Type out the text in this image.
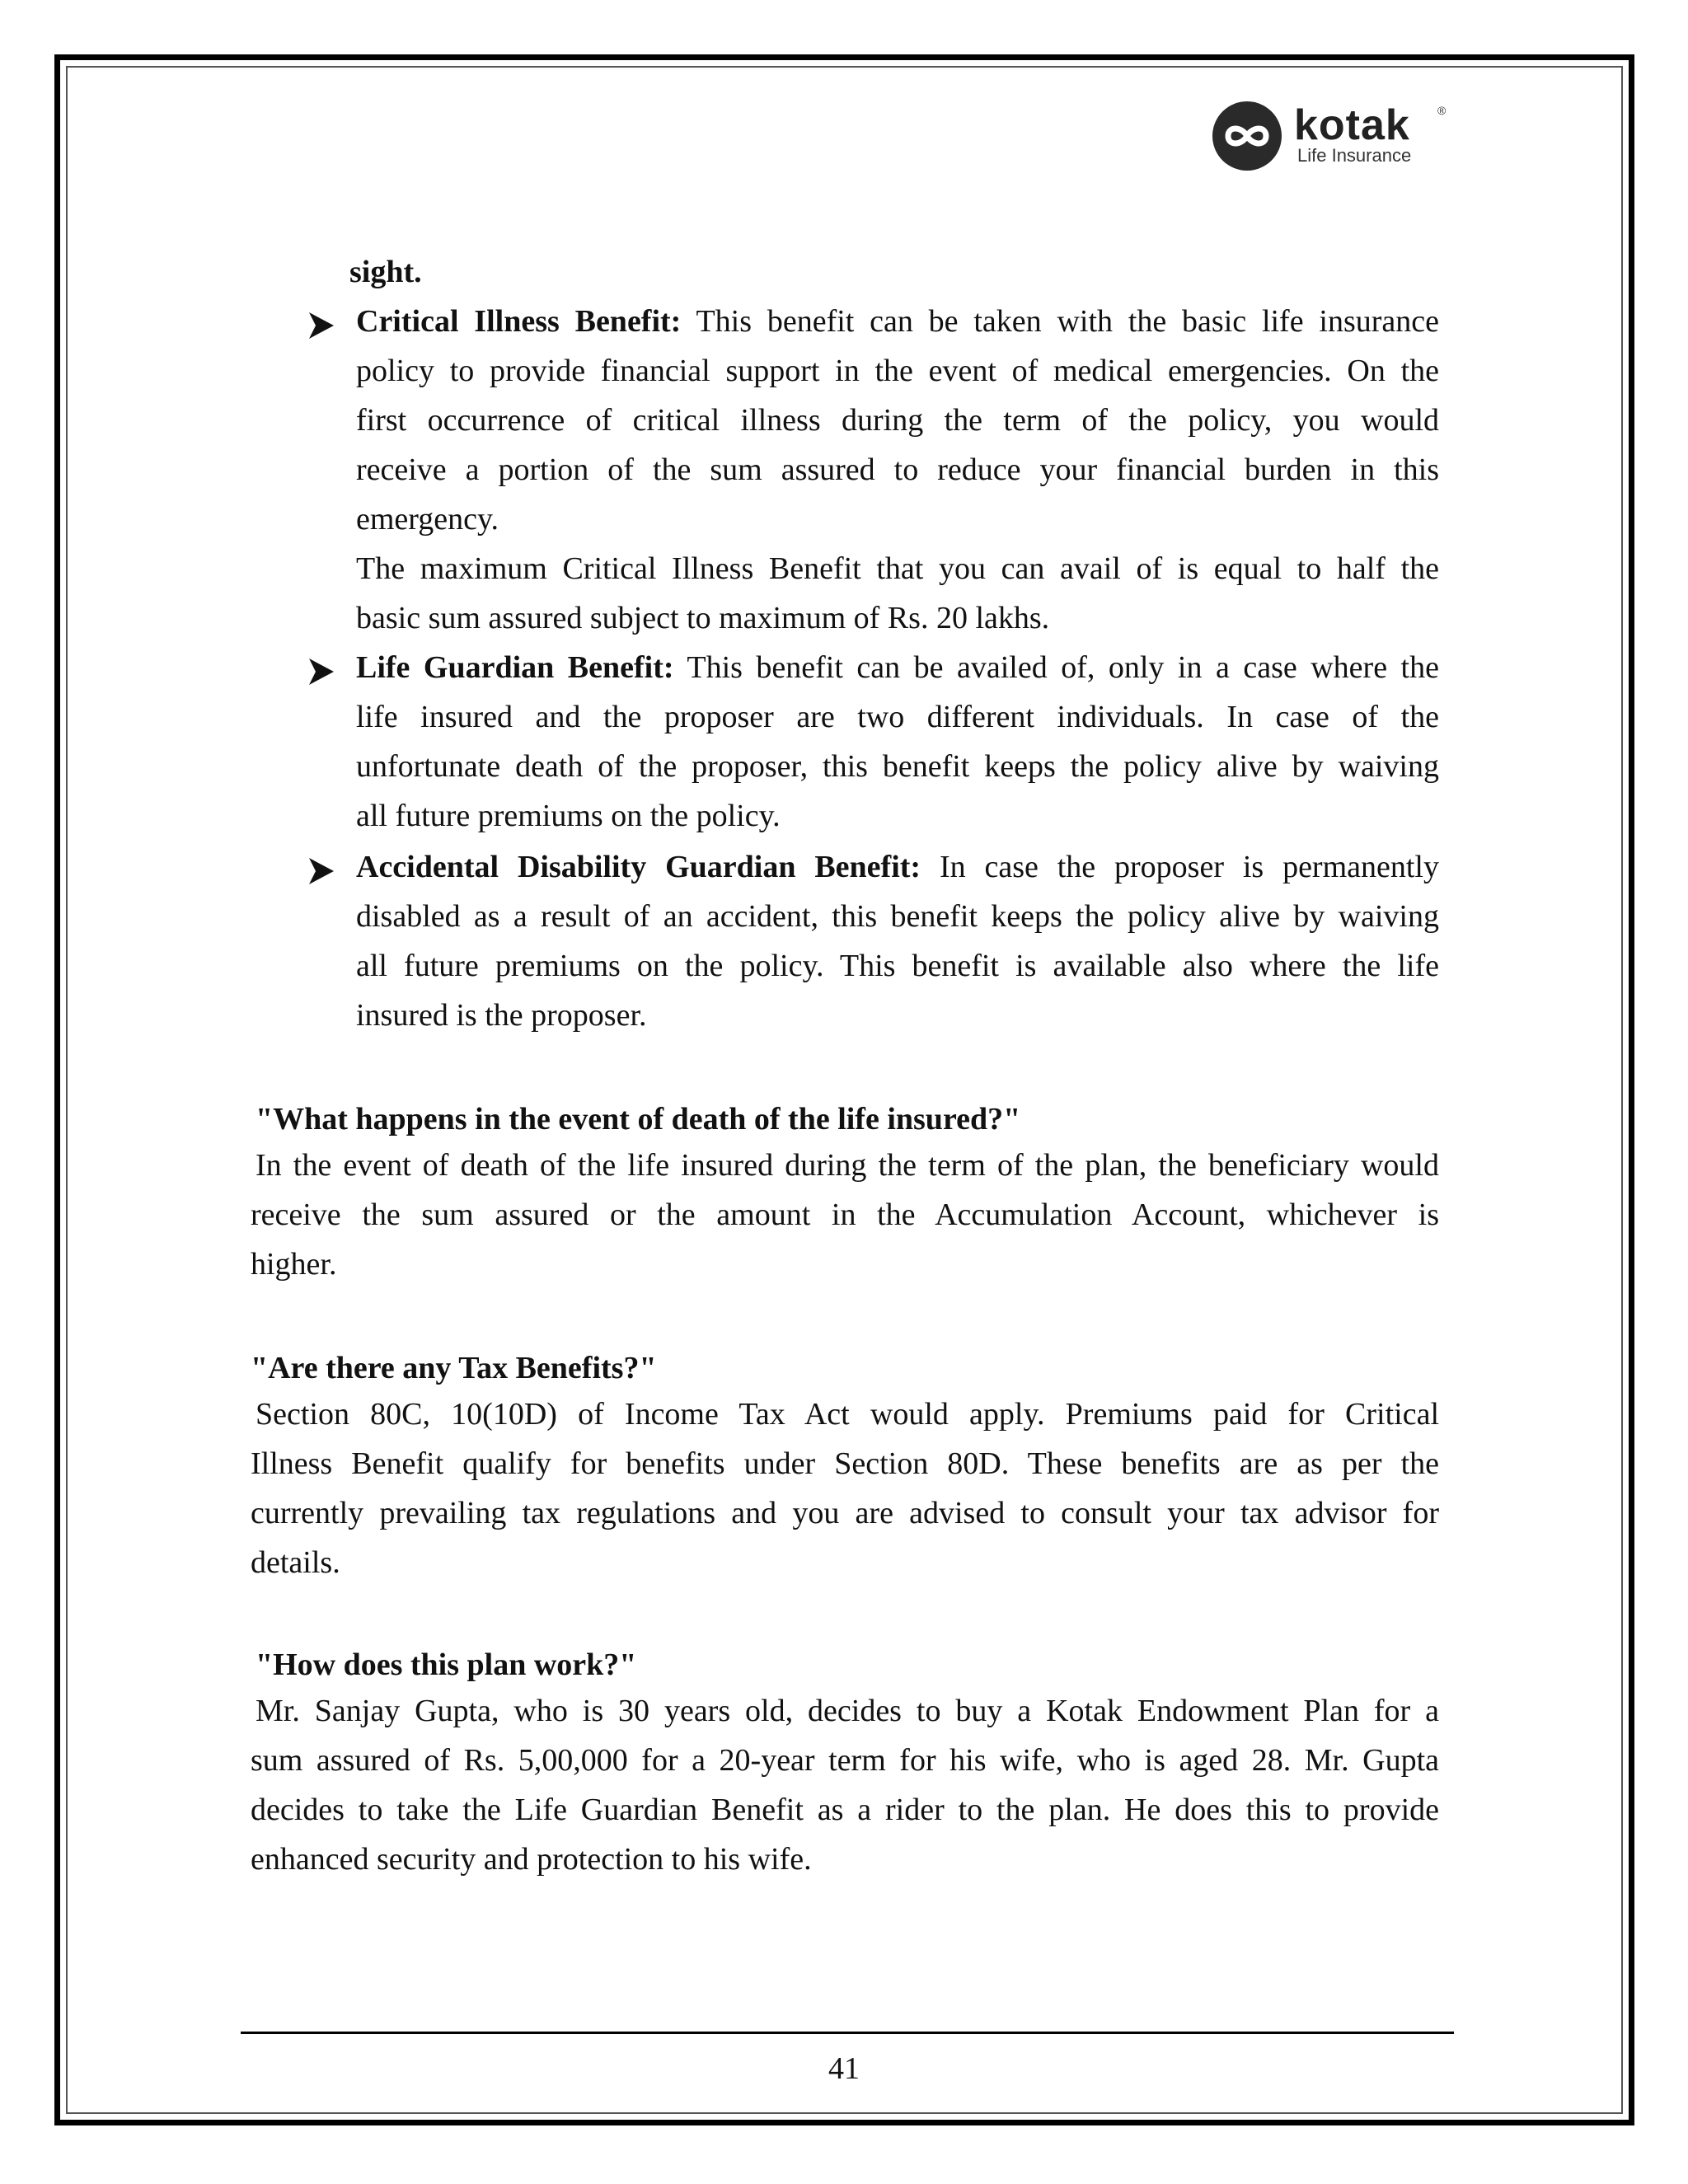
kotak ®
Life Insurance

sight.

Critical Illness Benefit: This benefit can be taken with the basic life insurance

policy to provide financial support in the event of medical emergencies. On the

first occurrence of critical illness during the term of the policy, you would

receive a portion of the sum assured to reduce your financial burden in this

emergency.

The maximum Critical Illness Benefit that you can avail of is equal to half the

basic sum assured subject to maximum of Rs. 20 lakhs.

Life Guardian Benefit: This benefit can be availed of, only in a case where the

life insured and the proposer are two different individuals. In case of the

unfortunate death of the proposer, this benefit keeps the policy alive by waiving

all future premiums on the policy.

Accidental Disability Guardian Benefit: In case the proposer is permanently

disabled as a result of an accident, this benefit keeps the policy alive by waiving

all future premiums on the policy. This benefit is available also where the life

insured is the proposer.

"What happens in the event of death of the life insured?"

In the event of death of the life insured during the term of the plan, the beneficiary would

receive the sum assured or the amount in the Accumulation Account, whichever is

higher.

"Are there any Tax Benefits?"

Section 80C, 10(10D) of Income Tax Act would apply. Premiums paid for Critical

Illness Benefit qualify for benefits under Section 80D. These benefits are as per the

currently prevailing tax regulations and you are advised to consult your tax advisor for

details.

"How does this plan work?"

Mr. Sanjay Gupta, who is 30 years old, decides to buy a Kotak Endowment Plan for a

sum assured of Rs. 5,00,000 for a 20-year term for his wife, who is aged 28. Mr. Gupta

decides to take the Life Guardian Benefit as a rider to the plan. He does this to provide

enhanced security and protection to his wife.

41
